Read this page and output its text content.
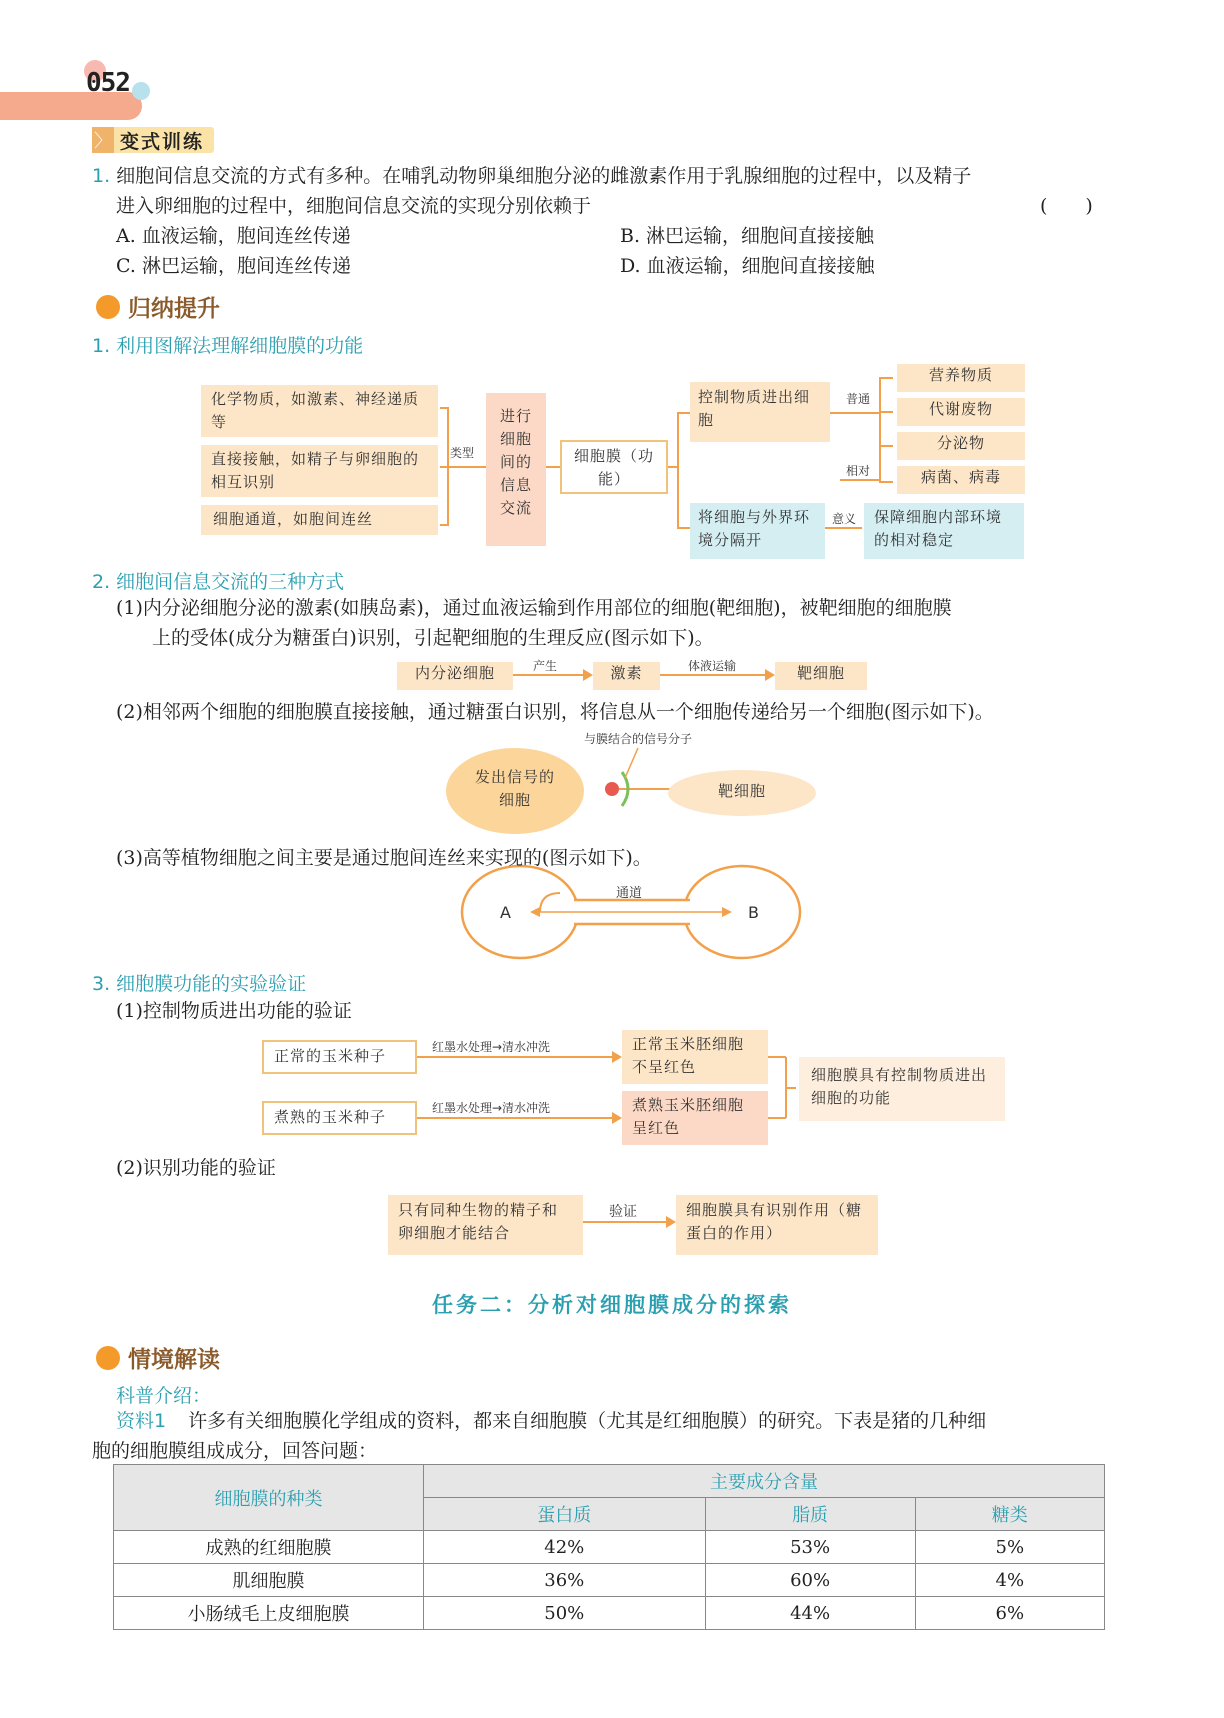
052
〉 变式训练
1. 细胞间信息交流的方式有多种。在哺乳动物卵巢细胞分泌的雌激素作用于乳腺细胞的过程中，以及精子
进入卵细胞的过程中，细胞间信息交流的实现分别依赖于	(　　)
A. 血液运输，胞间连丝传递	B. 淋巴运输，细胞间直接接触
C. 淋巴运输，胞间连丝传递	D. 血液运输，细胞间直接接触
归纳提升
1. 利用图解法理解细胞膜的功能
化学物质，如激素、神经递质等
直接接触，如精子与卵细胞的相互识别
细胞通道，如胞间连丝
类型
进行细胞间的信息交流
细胞膜（功能）
控制物质进出细胞
普通
相对
营养物质
代谢废物
分泌物
病菌、病毒
将细胞与外界环境分隔开
意义	保障细胞内部环境的相对稳定
2. 细胞间信息交流的三种方式
(1)内分泌细胞分泌的激素(如胰岛素)，通过血液运输到作用部位的细胞(靶细胞)，被靶细胞的细胞膜
上的受体(成分为糖蛋白)识别，引起靶细胞的生理反应(图示如下)。
内分泌细胞	产生	激素	体液运输	靶细胞
(2)相邻两个细胞的细胞膜直接接触，通过糖蛋白识别，将信息从一个细胞传递给另一个细胞(图示如下)。
与膜结合的信号分子
发出信号的细胞	靶细胞
(3)高等植物细胞之间主要是通过胞间连丝来实现的(图示如下)。
通道
A	B
3. 细胞膜功能的实验验证
(1)控制物质进出功能的验证
正常的玉米种子
煮熟的玉米种子
红墨水处理→清水冲洗
红墨水处理→清水冲洗
正常玉米胚细胞不呈红色
煮熟玉米胚细胞呈红色
细胞膜具有控制物质进出细胞的功能
(2)识别功能的验证
只有同种生物的精子和卵细胞才能结合
验证	细胞膜具有识别作用（糖蛋白的作用）
任务二：分析对细胞膜成分的探索
情境解读
科普介绍：
资料1 许多有关细胞膜化学组成的资料，都来自细胞膜（尤其是红细胞膜）的研究。下表是猪的几种细
胞的细胞膜组成成分，回答问题：
细胞膜的种类	主要成分含量		
	蛋白质	脂质	糖类
成熟的红细胞膜	42%	53%	5%
肌细胞膜	36%	60%	4%
小肠绒毛上皮细胞膜	50%	44%	6%
